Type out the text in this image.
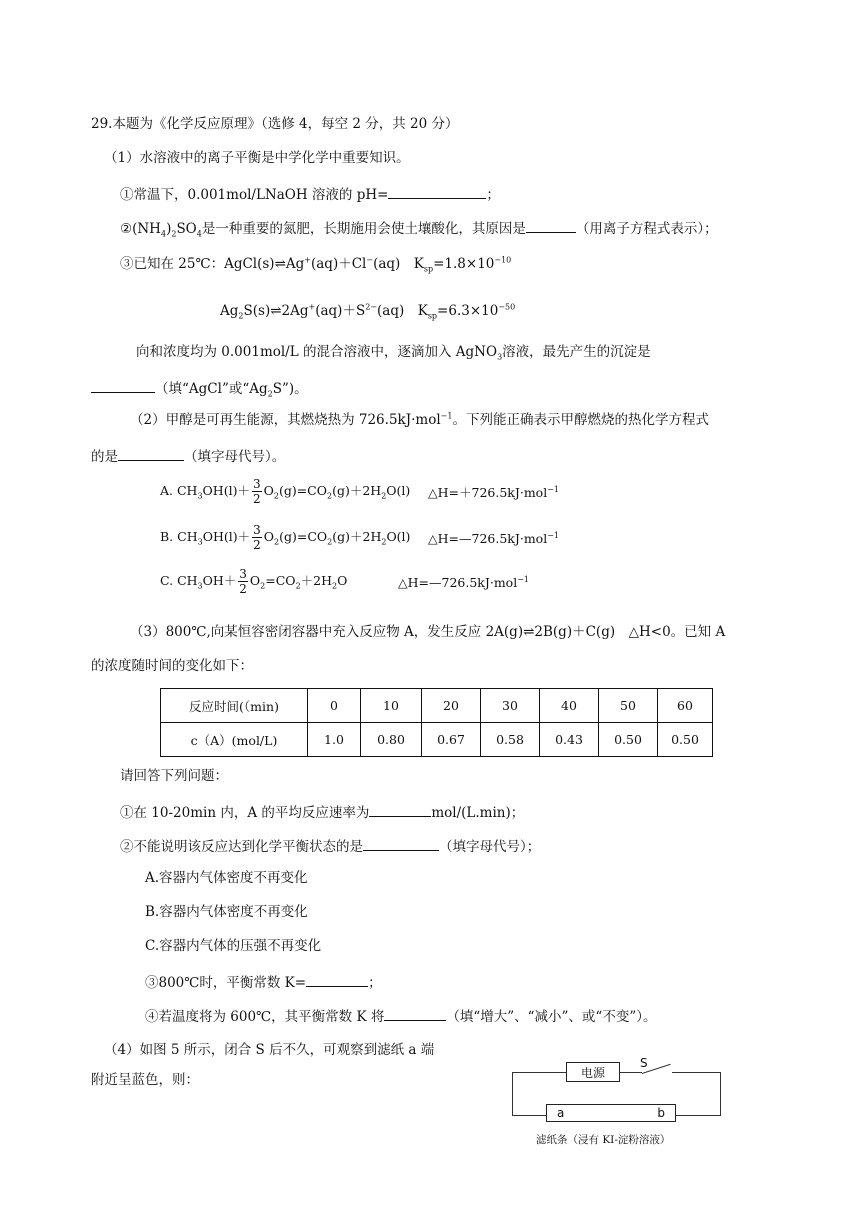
29.本题为《化学反应原理》（选修 4，每空 2 分，共 20 分）
（1）水溶液中的离子平衡是中学化学中重要知识。
①常温下，0.001mol/LNaOH 溶液的 pH=	；
$②(NH_4)_2SO_4$是一种重要的氮肥，长期施用会使土壤酸化，其原因是	（用离子方程式表示）；
③已知在 25℃：AgCl(s)⇌Ag+(aq)＋Cl−(aq)　$K_{sp}=1.8\times 10^{-10}$
$Ag_2S(s)\rightleftharpoons 2Ag^+(aq)+S^{2-}(aq)$　$K_{sp}=6.3\times 10^{-50}$
向和浓度均为 0.001mol/L 的混合溶液中，逐滴加入 AgNO$_3$溶液，最先产生的沉淀是
（填“AgCl”或“$Ag_2S$”)。
（2）甲醇是可再生能源，其燃烧热为 726.5kJ·mol$^{-1}$。下列能正确表示甲醇燃烧的热化学方程式
的是	（填字母代号）。
A. $CH_3OH(l)+ \frac{3}{2} O_2(g)=CO_2(g)+2H_2O(l)$ △H=＋726.5kJ·mol$^{-1}$
B. $CH_3OH(l)+ \frac{3}{2} O_2(g)=CO_2(g)+2H_2O(l)$ △H=—726.5kJ·mol$^{-1}$
C. $CH_3OH+ \frac{3}{2} O_2=CO_2+2H_2O$	△H=—726.5kJ·mol$^{-1}$
（3）800℃,向某恒容密闭容器中充入反应物 A，发生反应 2A(g)⇌2B(g)＋C(g)　△H<0。已知 A
的浓度随时间的变化如下：
反应时间(（min)	0	10	20	30	40	50	60
c（A）(mol/L)	1.0	0.80	0.67	0.58	0.43	0.50	0.50
请回答下列问题：
①在 10-20min 内，A 的平均反应速率为	mol/(L.min)；
②不能说明该反应达到化学平衡状态的是	（填字母代号）；
A.容器内气体密度不再变化
B.容器内气体密度不再变化
C.容器内气体的压强不再变化
③800℃时，平衡常数 K=	；
④若温度将为 600℃，其平衡常数 K 将	（填“增大”、“减小”、或“不变”）。
（4）如图 5 所示，闭合 S 后不久，可观察到滤纸 a 端
附近呈蓝色，则：	电源
S
a	b
滤纸条（浸有 KI-淀粉溶液）
